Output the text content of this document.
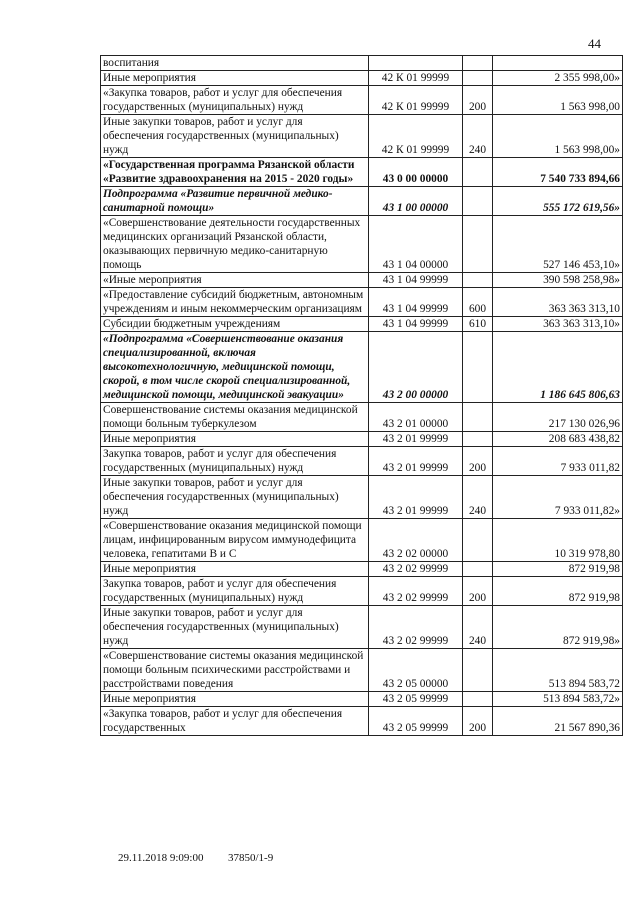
44
воспитания			
Иные мероприятия	42 К 01 99999		2 355 998,00»
«Закупка товаров, работ и услуг для обеспечения государственных (муниципальных) нужд	42 К 01 99999	200	1 563 998,00
Иные закупки товаров, работ и услуг для обеспечения государственных (муниципальных) нужд	42 К 01 99999	240	1 563 998,00»
«Государственная программа Рязанской области «Развитие здравоохранения на 2015 - 2020 годы»	43 0 00 00000		7 540 733 894,66
Подпрограмма «Развитие первичной медико-санитарной помощи»	43 1 00 00000		555 172 619,56»
«Совершенствование деятельности государственных медицинских организаций Рязанской области, оказывающих первичную медико-санитарную помощь	43 1 04 00000		527 146 453,10»
«Иные мероприятия	43 1 04 99999		390 598 258,98»
«Предоставление субсидий бюджетным, автономным учреждениям и иным некоммерческим организациям	43 1 04 99999	600	363 363 313,10
Субсидии бюджетным учреждениям	43 1 04 99999	610	363 363 313,10»
«Подпрограмма «Совершенствование оказания специализированной, включая высокотехнологичную, медицинской помощи, скорой, в том числе скорой специализированной, медицинской помощи, медицинской эвакуации»	43 2 00 00000		1 186 645 806,63
Совершенствование системы оказания медицинской помощи больным туберкулезом	43 2 01 00000		217 130 026,96
Иные мероприятия	43 2 01 99999		208 683 438,82
Закупка товаров, работ и услуг для обеспечения государственных (муниципальных) нужд	43 2 01 99999	200	7 933 011,82
Иные закупки товаров, работ и услуг для обеспечения государственных (муниципальных) нужд	43 2 01 99999	240	7 933 011,82»
«Совершенствование оказания медицинской помощи лицам, инфицированным вирусом иммунодефицита человека, гепатитами В и С	43 2 02 00000		10 319 978,80
Иные мероприятия	43 2 02 99999		872 919,98
Закупка товаров, работ и услуг для обеспечения государственных (муниципальных) нужд	43 2 02 99999	200	872 919,98
Иные закупки товаров, работ и услуг для обеспечения государственных (муниципальных) нужд	43 2 02 99999	240	872 919,98»
«Совершенствование системы оказания медицинской помощи больным психическими расстройствами и расстройствами поведения	43 2 05 00000		513 894 583,72
Иные мероприятия	43 2 05 99999		513 894 583,72»
«Закупка товаров, работ и услуг для обеспечения государственных	43 2 05 99999	200	21 567 890,36
29.11.2018 9:09:00 37850/1-9
